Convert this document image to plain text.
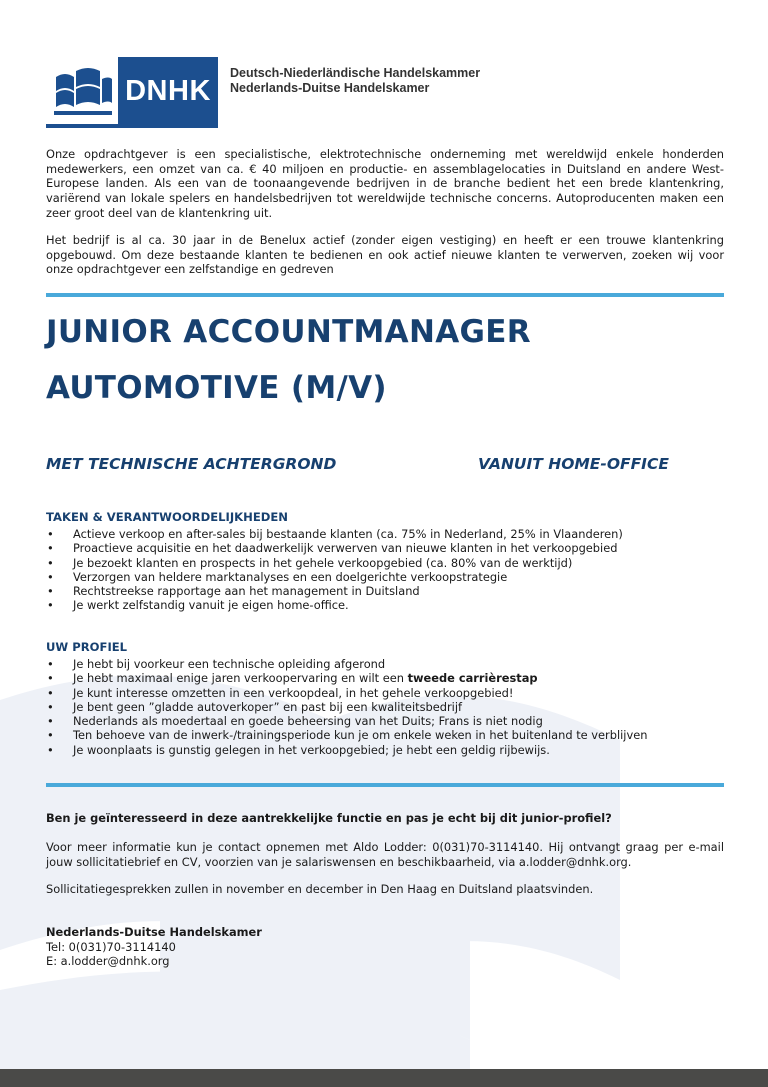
DNHK
Deutsch-Niederländische Handelskammer
Nederlands-Duitse Handelskamer

Onze opdrachtgever is een specialistische, elektrotechnische onderneming met wereldwijd enkele honderden medewerkers, een omzet van ca. € 40 miljoen en productie- en assemblagelocaties in Duitsland en andere West-Europese landen. Als een van de toonaangevende bedrijven in de branche bedient het een brede klantenkring, variërend van lokale spelers en handelsbedrijven tot wereldwijde technische concerns. Autoproducenten maken een zeer groot deel van de klantenkring uit.

Het bedrijf is al ca. 30 jaar in de Benelux actief (zonder eigen vestiging) en heeft er een trouwe klantenkring opgebouwd. Om deze bestaande klanten te bedienen en ook actief nieuwe klanten te verwerven, zoeken wij voor onze opdrachtgever een zelfstandige en gedreven

JUNIOR ACCOUNTMANAGER
AUTOMOTIVE (M/V)
MET TECHNISCHE ACHTERGROND	VANUIT HOME-OFFICE
TAKEN & VERANTWOORDELIJKHEDEN
• Actieve verkoop en after-sales bij bestaande klanten (ca. 75% in Nederland, 25% in Vlaanderen)
• Proactieve acquisitie en het daadwerkelijk verwerven van nieuwe klanten in het verkoopgebied
• Je bezoekt klanten en prospects in het gehele verkoopgebied (ca. 80% van de werktijd)
• Verzorgen van heldere marktanalyses en een doelgerichte verkoopstrategie
• Rechtstreekse rapportage aan het management in Duitsland
• Je werkt zelfstandig vanuit je eigen home-office.
UW PROFIEL
• Je hebt bij voorkeur een technische opleiding afgerond
• Je hebt maximaal enige jaren verkoopervaring en wilt een tweede carrièrestap
• Je kunt interesse omzetten in een verkoopdeal, in het gehele verkoopgebied!
• Je bent geen ”gladde autoverkoper” en past bij een kwaliteitsbedrijf
• Nederlands als moedertaal en goede beheersing van het Duits; Frans is niet nodig
• Ten behoeve van de inwerk-/trainingsperiode kun je om enkele weken in het buitenland te verblijven
• Je woonplaats is gunstig gelegen in het verkoopgebied; je hebt een geldig rijbewijs.

Ben je geïnteresseerd in deze aantrekkelijke functie en pas je echt bij dit junior-profiel?

Voor meer informatie kun je contact opnemen met Aldo Lodder: 0(031)70-3114140. Hij ontvangt graag per e-mail jouw sollicitatiebrief en CV, voorzien van je salariswensen en beschikbaarheid, via a.lodder@dnhk.org.

Sollicitatiegesprekken zullen in november en december in Den Haag en Duitsland plaatsvinden.

Nederlands-Duitse Handelskamer
Tel: 0(031)70-3114140
E: a.lodder@dnhk.org
